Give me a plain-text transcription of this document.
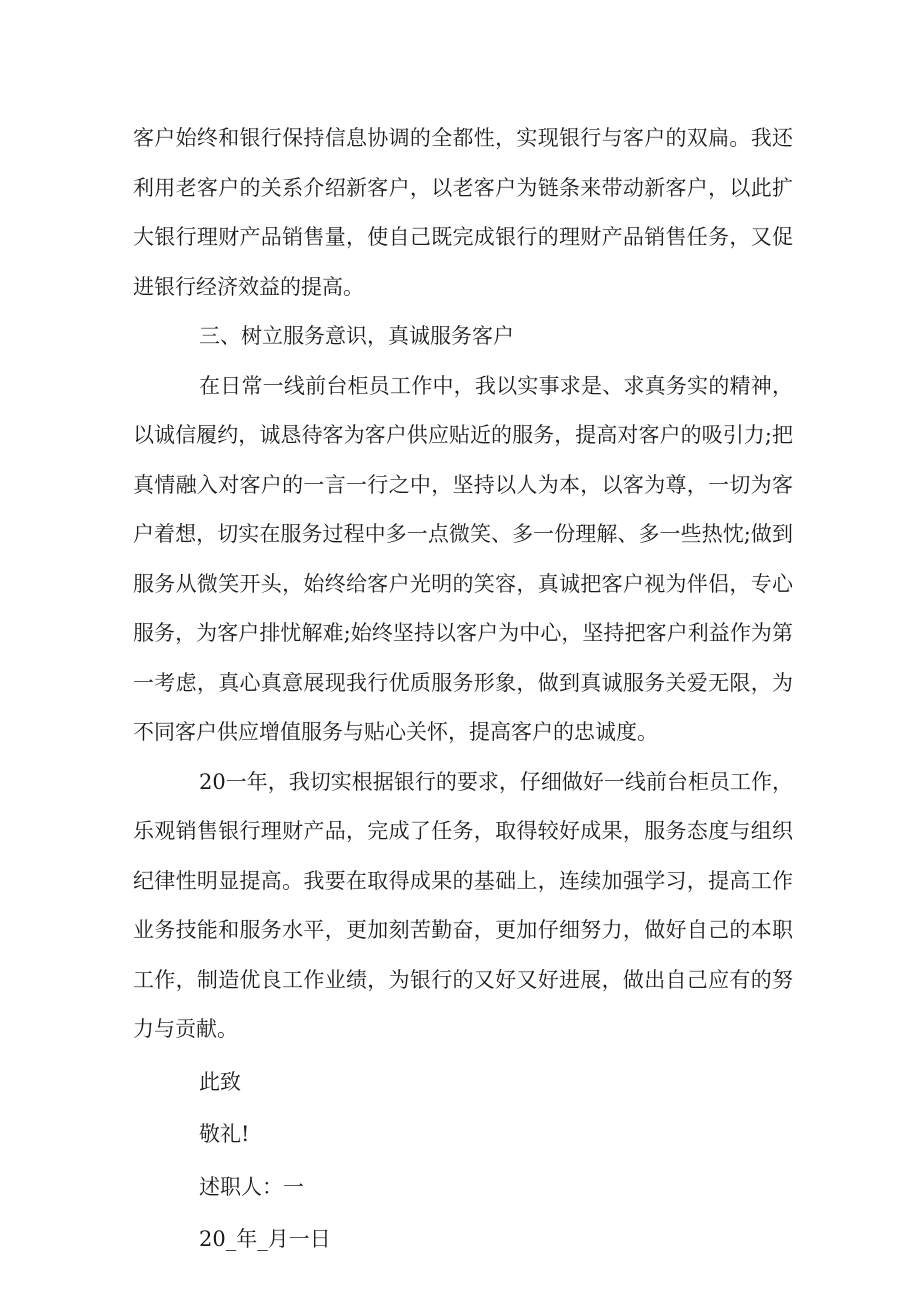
客户始终和银行保持信息协调的全都性，实现银行与客户的双扁。我还利用老客户的关系介绍新客户，以老客户为链条来带动新客户，以此扩大银行理财产品销售量，使自己既完成银行的理财产品销售任务，又促进银行经济效益的提高。

三、树立服务意识，真诚服务客户

在日常一线前台柜员工作中，我以实事求是、求真务实的精神，以诚信履约，诚恳待客为客户供应贴近的服务，提高对客户的吸引力;把真情融入对客户的一言一行之中，坚持以人为本，以客为尊，一切为客户着想，切实在服务过程中多一点微笑、多一份理解、多一些热忱;做到服务从微笑开头，始终给客户光明的笑容，真诚把客户视为伴侣，专心服务，为客户排忧解难;始终坚持以客户为中心，坚持把客户利益作为第一考虑，真心真意展现我行优质服务形象，做到真诚服务关爱无限，为不同客户供应增值服务与贴心关怀，提高客户的忠诚度。

20一年，我切实根据银行的要求，仔细做好一线前台柜员工作，乐观销售银行理财产品，完成了任务，取得较好成果，服务态度与组织纪律性明显提高。我要在取得成果的基础上，连续加强学习，提高工作业务技能和服务水平，更加刻苦勤奋，更加仔细努力，做好自己的本职工作，制造优良工作业绩，为银行的又好又好进展，做出自己应有的努力与贡献。

此致

敬礼!

述职人：一

20_年_月一日
